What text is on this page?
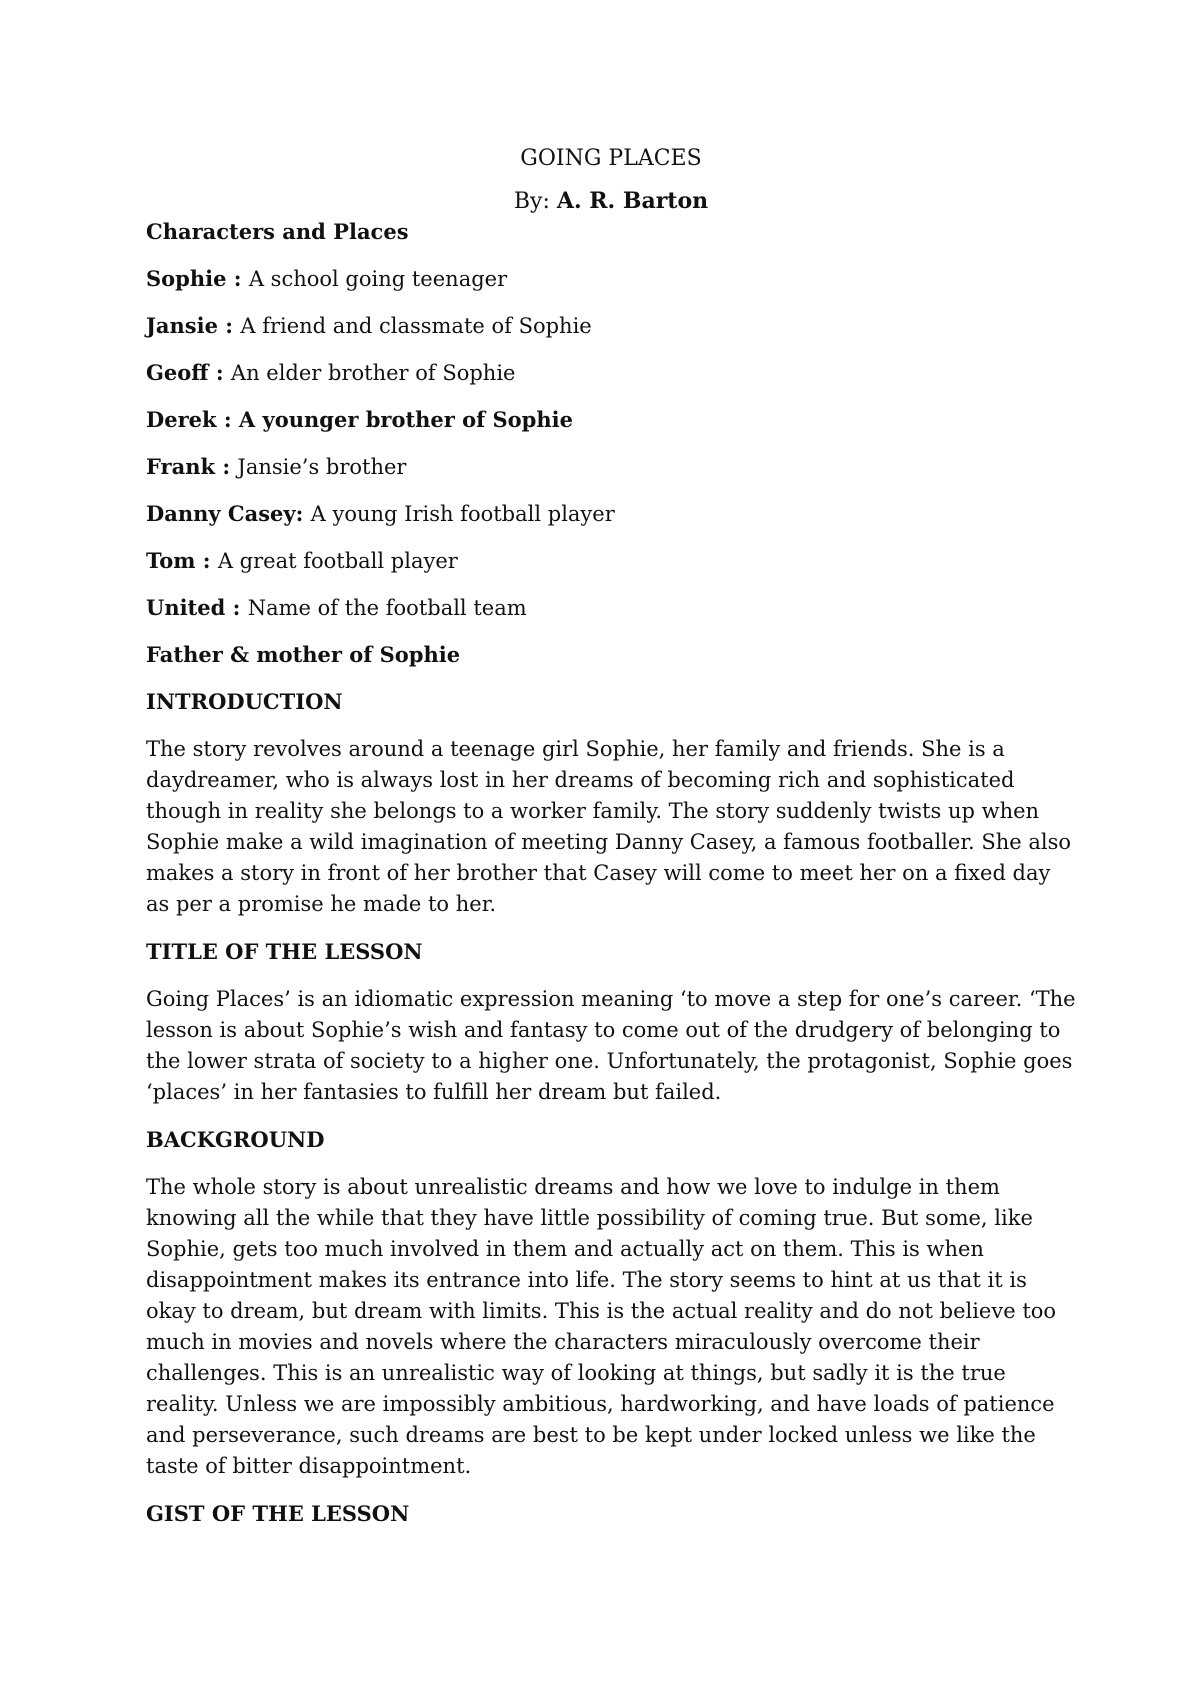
GOING PLACES

By: A. R. Barton

Characters and Places

Sophie : A school going teenager

Jansie : A friend and classmate of Sophie

Geoff : An elder brother of Sophie

Derek : A younger brother of Sophie

Frank : Jansie’s brother

Danny Casey: A young Irish football player

Tom : A great football player

United : Name of the football team

Father & mother of Sophie

INTRODUCTION

The story revolves around a teenage girl Sophie, her family and friends. She is a daydreamer, who is always lost in her dreams of becoming rich and sophisticated though in reality she belongs to a worker family. The story suddenly twists up when Sophie make a wild imagination of meeting Danny Casey, a famous footballer. She also makes a story in front of her brother that Casey will come to meet her on a fixed day as per a promise he made to her.

TITLE OF THE LESSON

Going Places’ is an idiomatic expression meaning ‘to move a step for one’s career. ‘The lesson is about Sophie’s wish and fantasy to come out of the drudgery of belonging to the lower strata of society to a higher one. Unfortunately, the protagonist, Sophie goes ‘places’ in her fantasies to fulfill her dream but failed.

BACKGROUND

The whole story is about unrealistic dreams and how we love to indulge in them knowing all the while that they have little possibility of coming true. But some, like Sophie, gets too much involved in them and actually act on them. This is when disappointment makes its entrance into life. The story seems to hint at us that it is okay to dream, but dream with limits. This is the actual reality and do not believe too much in movies and novels where the characters miraculously overcome their challenges. This is an unrealistic way of looking at things, but sadly it is the true reality. Unless we are impossibly ambitious, hardworking, and have loads of patience and perseverance, such dreams are best to be kept under locked unless we like the taste of bitter disappointment.

GIST OF THE LESSON
